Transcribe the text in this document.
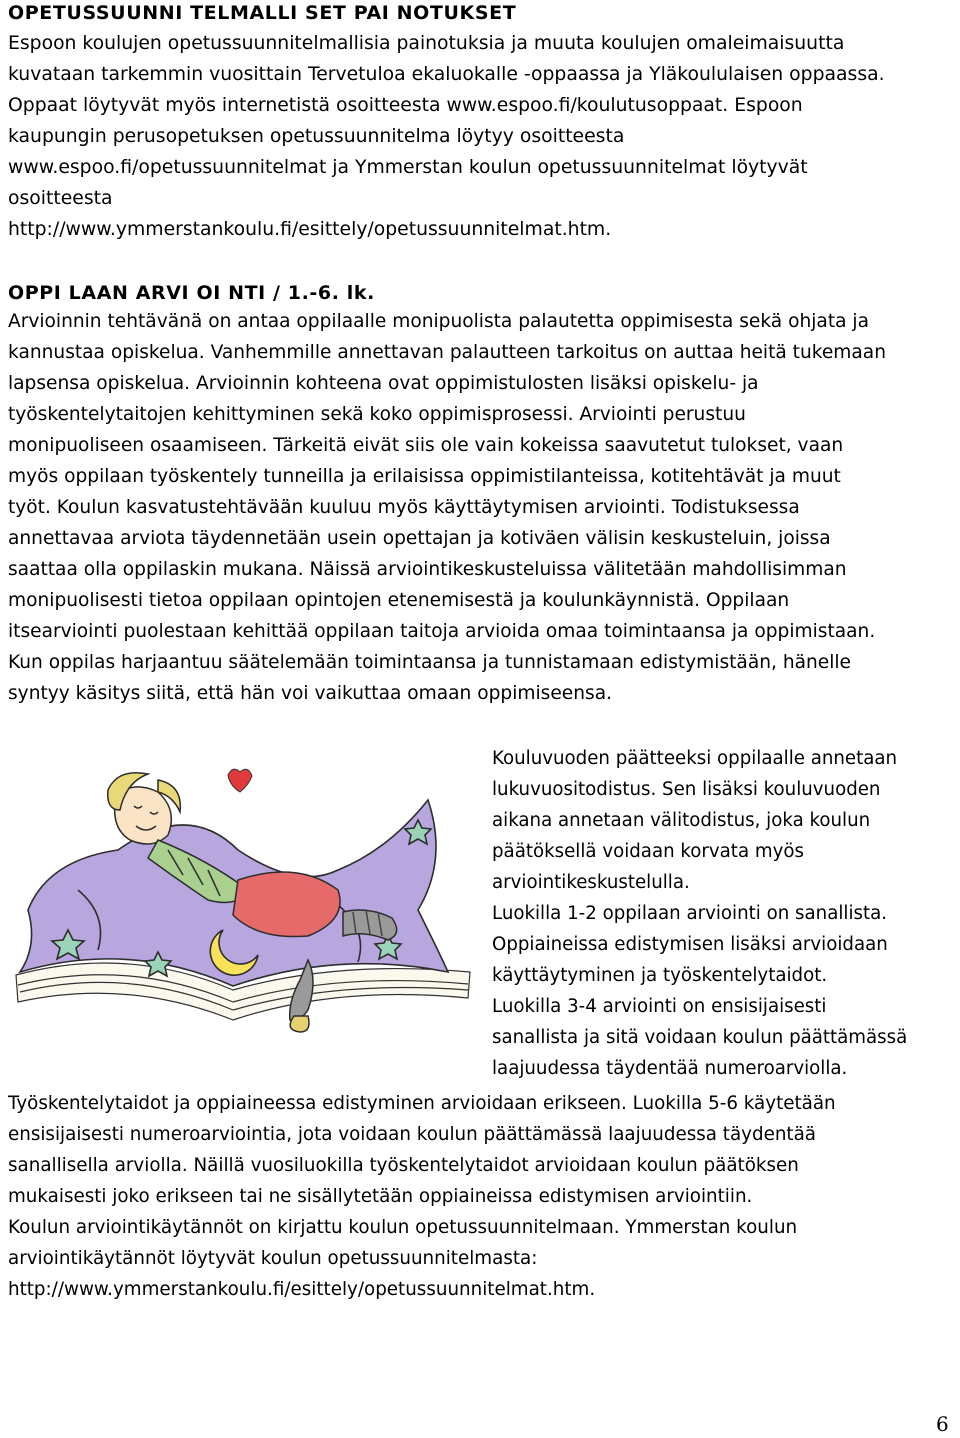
OPETUSSUUNNI TELMALLI SET PAI NOTUKSET

Espoon koulujen opetussuunnitelmallisia painotuksia ja muuta koulujen omaleimaisuutta
kuvataan tarkemmin vuosittain Tervetuloa ekaluokalle -oppaassa ja Yläkoululaisen oppaassa.
Oppaat löytyvät myös internetistä osoitteesta www.espoo.fi/koulutusoppaat. Espoon
kaupungin perusopetuksen opetussuunnitelma löytyy osoitteesta
www.espoo.fi/opetussuunnitelmat ja Ymmerstan koulun opetussuunnitelmat löytyvät
osoitteesta
http://www.ymmerstankoulu.fi/esittely/opetussuunnitelmat.htm.

OPPI LAAN ARVI OI NTI / 1.-6. lk.

Arvioinnin tehtävänä on antaa oppilaalle monipuolista palautetta oppimisesta sekä ohjata ja
kannustaa opiskelua. Vanhemmille annettavan palautteen tarkoitus on auttaa heitä tukemaan
lapsensa opiskelua. Arvioinnin kohteena ovat oppimistulosten lisäksi opiskelu- ja
työskentelytaitojen kehittyminen sekä koko oppimisprosessi. Arviointi perustuu
monipuoliseen osaamiseen. Tärkeitä eivät siis ole vain kokeissa saavutetut tulokset, vaan
myös oppilaan työskentely tunneilla ja erilaisissa oppimistilanteissa, kotitehtävät ja muut
työt. Koulun kasvatustehtävään kuuluu myös käyttäytymisen arviointi. Todistuksessa
annettavaa arviota täydennetään usein opettajan ja kotiväen välisin keskusteluin, joissa
saattaa olla oppilaskin mukana. Näissä arviointikeskusteluissa välitetään mahdollisimman
monipuolisesti tietoa oppilaan opintojen etenemisestä ja koulunkäynnistä. Oppilaan
itsearviointi puolestaan kehittää oppilaan taitoja arvioida omaa toimintaansa ja oppimistaan.
Kun oppilas harjaantuu säätelemään toimintaansa ja tunnistamaan edistymistään, hänelle
syntyy käsitys siitä, että hän voi vaikuttaa omaan oppimiseensa.

Kouluvuoden päätteeksi oppilaalle annetaan
lukuvuositodistus. Sen lisäksi kouluvuoden
aikana annetaan välitodistus, joka koulun
päätöksellä voidaan korvata myös
arviointikeskustelulla.
Luokilla 1-2 oppilaan arviointi on sanallista.
Oppiaineissa edistymisen lisäksi arvioidaan
käyttäytyminen ja työskentelytaidot.
Luokilla 3-4 arviointi on ensisijaisesti
sanallista ja sitä voidaan koulun päättämässä
laajuudessa täydentää numeroarviolla.

Työskentelytaidot ja oppiaineessa edistyminen arvioidaan erikseen. Luokilla 5-6 käytetään
ensisijaisesti numeroarviointia, jota voidaan koulun päättämässä laajuudessa täydentää
sanallisella arviolla. Näillä vuosiluokilla työskentelytaidot arvioidaan koulun päätöksen
mukaisesti joko erikseen tai ne sisällytetään oppiaineissa edistymisen arviointiin.
Koulun arviointikäytännöt on kirjattu koulun opetussuunnitelmaan. Ymmerstan koulun
arviointikäytännöt löytyvät koulun opetussuunnitelmasta:
http://www.ymmerstankoulu.fi/esittely/opetussuunnitelmat.htm.

6
